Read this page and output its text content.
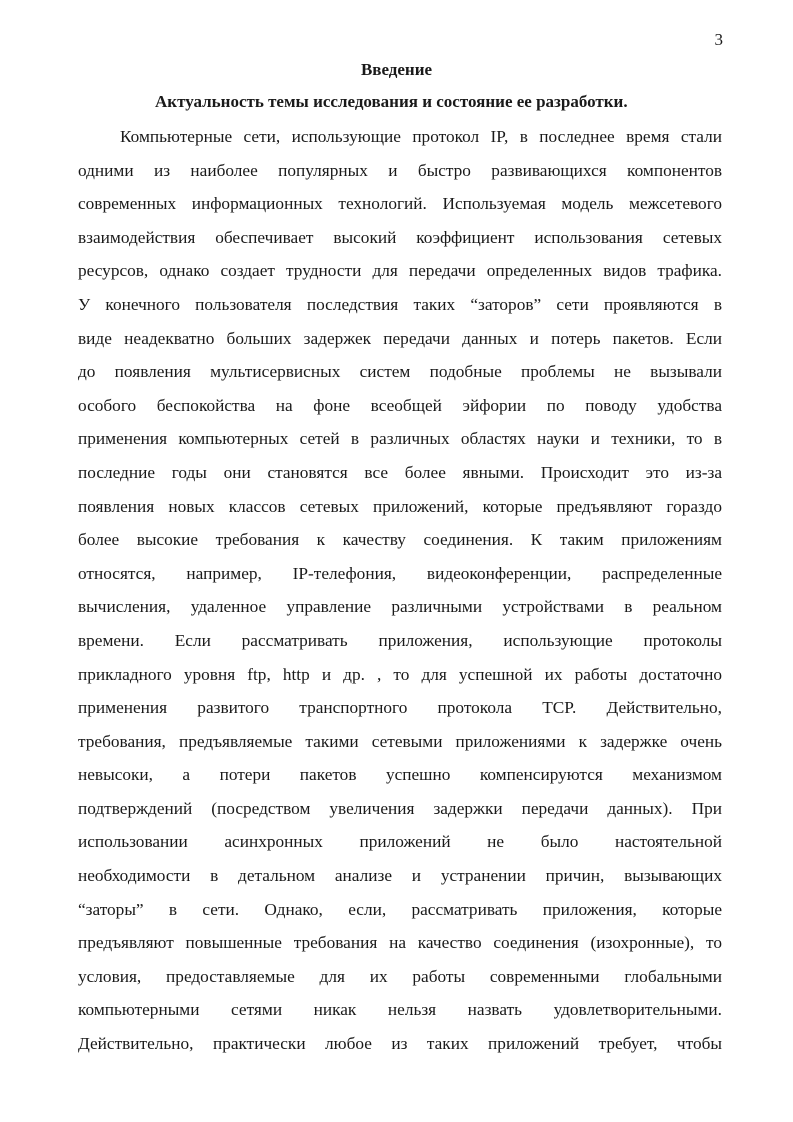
3
Введение
Актуальность темы исследования и состояние ее разработки.
Компьютерные сети, использующие протокол IP, в последнее время стали
одними из наиболее популярных и быстро развивающихся компонентов
современных информационных технологий. Используемая модель межсетевого
взаимодействия обеспечивает высокий коэффициент использования сетевых
ресурсов, однако создает трудности для передачи определенных видов трафика.
У конечного пользователя последствия таких “заторов” сети проявляются в
виде неадекватно больших задержек передачи данных и потерь пакетов. Если
до появления мультисервисных систем подобные проблемы не вызывали
особого беспокойства на фоне всеобщей эйфории по поводу удобства
применения компьютерных сетей в различных областях науки и техники, то в
последние годы они становятся все более явными. Происходит это из-за
появления новых классов сетевых приложений, которые предъявляют гораздо
более высокие требования к качеству соединения. К таким приложениям
относятся, например, IP-телефония, видеоконференции, распределенные
вычисления, удаленное управление различными устройствами в реальном
времени. Если рассматривать приложения, использующие протоколы
прикладного уровня ftp, http и др. , то для успешной их работы достаточно
применения развитого транспортного протокола TCP. Действительно,
требования, предъявляемые такими сетевыми приложениями к задержке очень
невысоки, а потери пакетов успешно компенсируются механизмом
подтверждений (посредством увеличения задержки передачи данных). При
использовании асинхронных приложений не было настоятельной
необходимости в детальном анализе и устранении причин, вызывающих
“заторы” в сети. Однако, если, рассматривать приложения, которые
предъявляют повышенные требования на качество соединения (изохронные), то
условия, предоставляемые для их работы современными глобальными
компьютерными сетями никак нельзя назвать удовлетворительными.
Действительно, практически любое из таких приложений требует, чтобы
